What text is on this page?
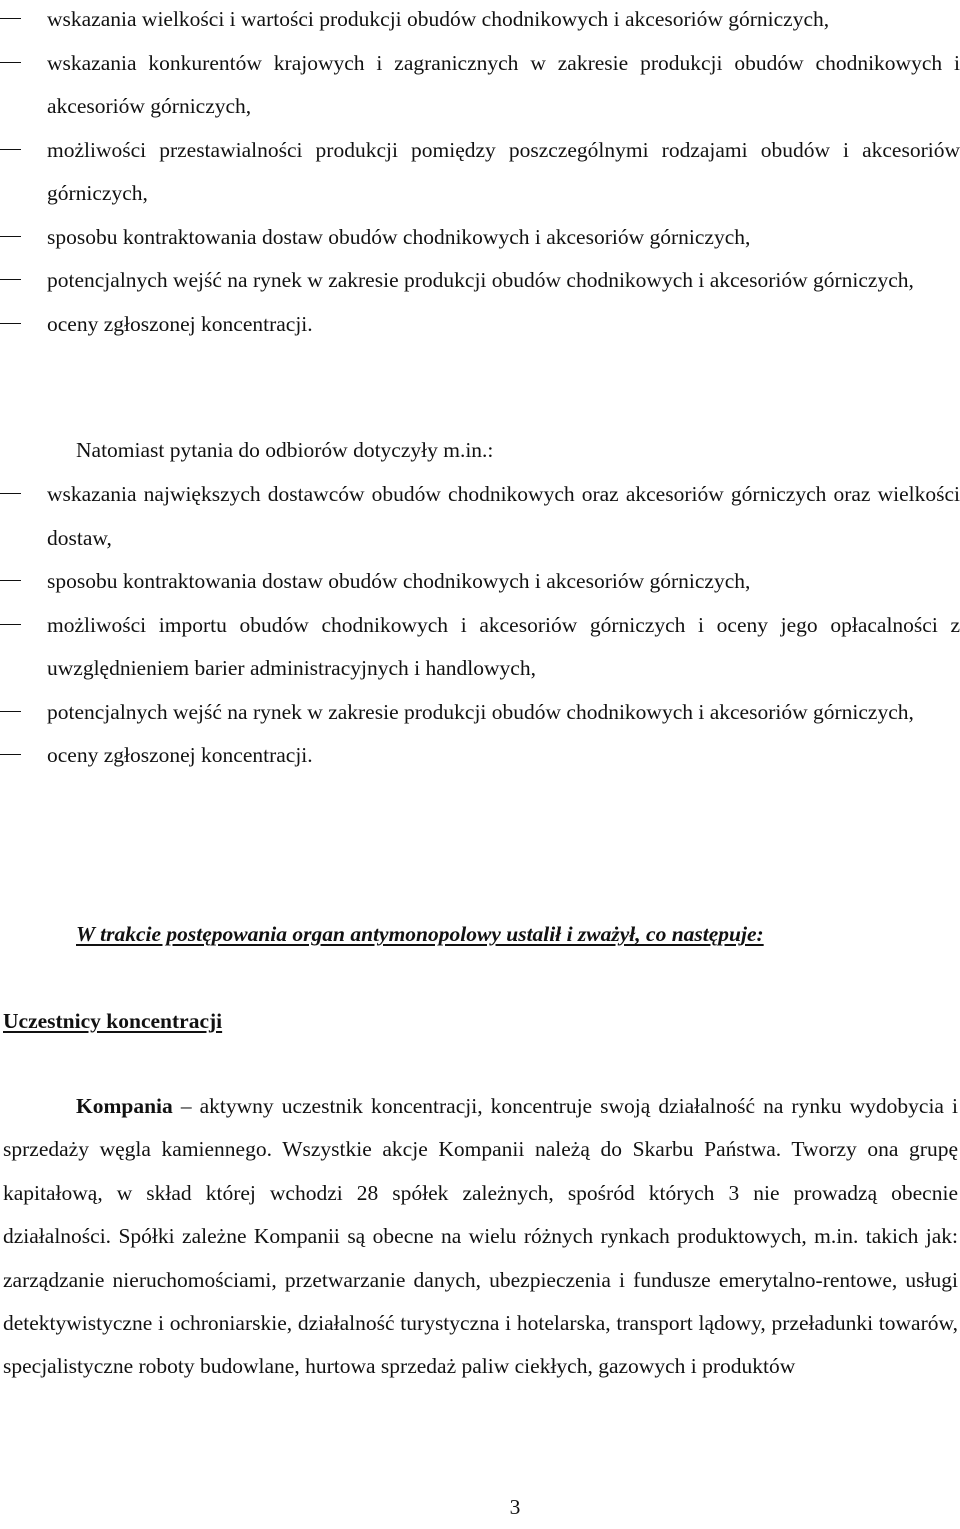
wskazania wielkości i wartości produkcji obudów chodnikowych i akcesoriów górniczych,
wskazania konkurentów krajowych i zagranicznych w zakresie produkcji obudów chodnikowych i akcesoriów górniczych,
możliwości przestawialności produkcji pomiędzy poszczególnymi rodzajami obudów i akcesoriów górniczych,
sposobu kontraktowania dostaw obudów chodnikowych i akcesoriów górniczych,
potencjalnych wejść na rynek w zakresie produkcji obudów chodnikowych i akcesoriów górniczych,
oceny zgłoszonej koncentracji.
Natomiast pytania do odbiorów dotyczyły m.in.:
wskazania największych dostawców obudów chodnikowych oraz akcesoriów górniczych oraz wielkości dostaw,
sposobu kontraktowania dostaw obudów chodnikowych i akcesoriów górniczych,
możliwości importu obudów chodnikowych i akcesoriów górniczych i oceny jego opłacalności z uwzględnieniem barier administracyjnych i handlowych,
potencjalnych wejść na rynek w zakresie produkcji obudów chodnikowych i akcesoriów górniczych,
oceny zgłoszonej koncentracji.
W trakcie postępowania organ antymonopolowy ustalił i zważył, co następuje:
Uczestnicy koncentracji

Kompania – aktywny uczestnik koncentracji, koncentruje swoją działalność na rynku wydobycia i sprzedaży węgla kamiennego. Wszystkie akcje Kompanii należą do Skarbu Państwa. Tworzy ona grupę kapitałową, w skład której wchodzi 28 spółek zależnych, spośród których 3 nie prowadzą obecnie działalności. Spółki zależne Kompanii są obecne na wielu różnych rynkach produktowych, m.in. takich jak: zarządzanie nieruchomościami, przetwarzanie danych, ubezpieczenia i fundusze emerytalno-rentowe, usługi detektywistyczne i ochroniarskie, działalność turystyczna i hotelarska, transport lądowy, przeładunki towarów, specjalistyczne roboty budowlane, hurtowa sprzedaż paliw ciekłych, gazowych i produktów

3
